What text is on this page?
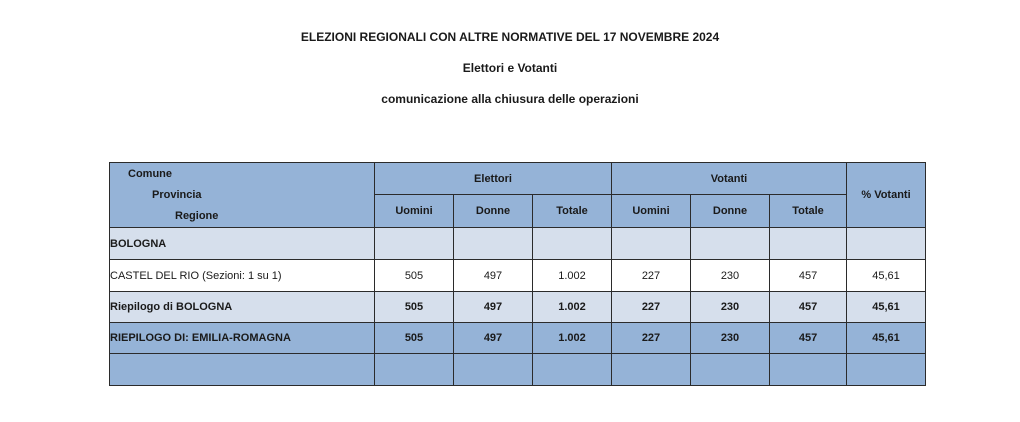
ELEZIONI REGIONALI CON ALTRE NORMATIVE DEL 17 NOVEMBRE 2024
Elettori e Votanti
comunicazione alla chiusura delle operazioni
Comune
Provincia
Regione	Elettori			Votanti			% Votanti
	Uomini	Donne	Totale	Uomini	Donne	Totale	
BOLOGNA							
CASTEL DEL RIO (Sezioni: 1 su 1)	505	497	1.002	227	230	457	45,61
Riepilogo di BOLOGNA	505	497	1.002	227	230	457	45,61
RIEPILOGO DI: EMILIA-ROMAGNA	505	497	1.002	227	230	457	45,61
